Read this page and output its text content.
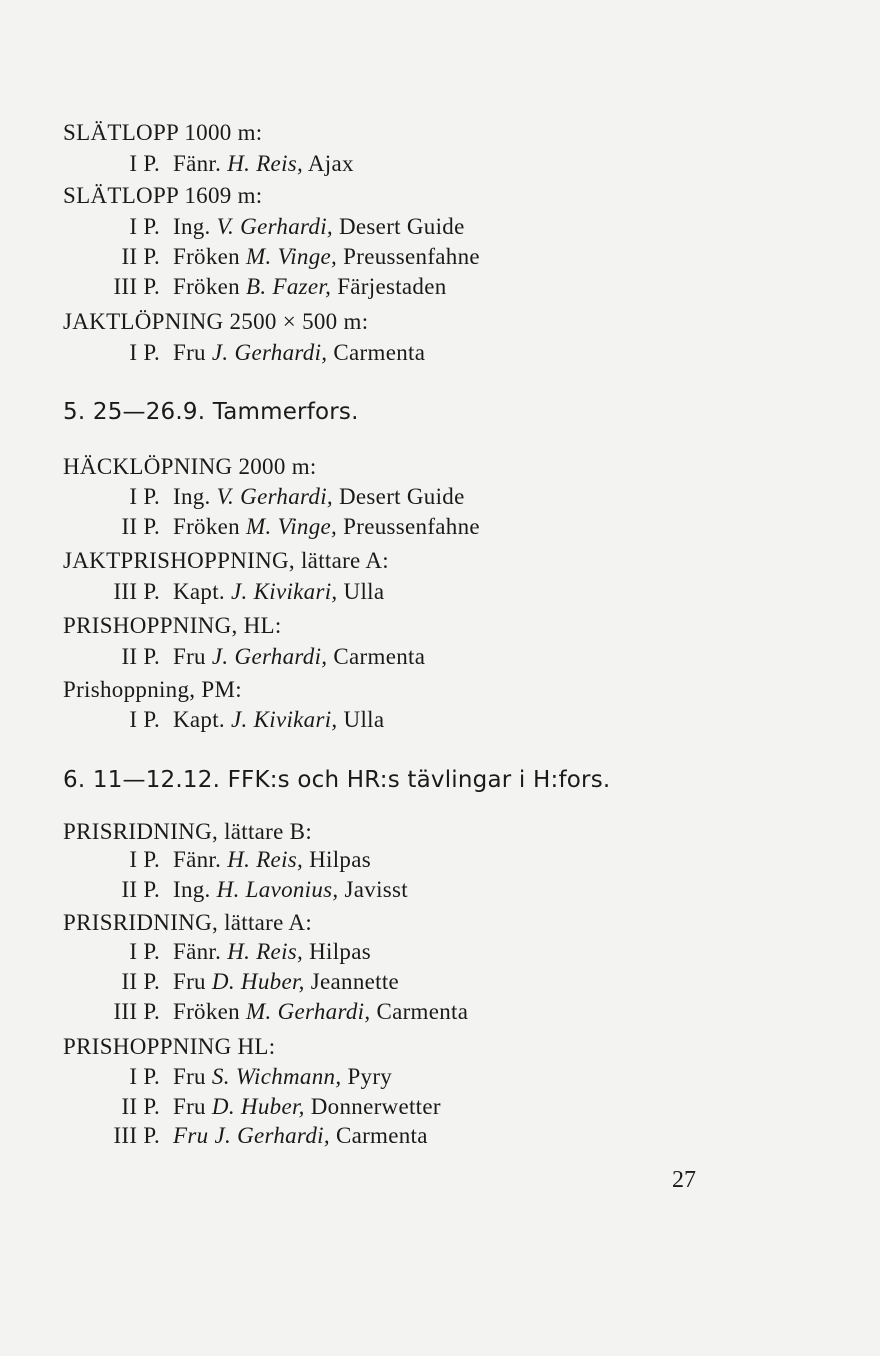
SLÄTLOPP 1000 m:
I P. Fänr. H. Reis, Ajax
SLÄTLOPP 1609 m:
I P. Ing. V. Gerhardi, Desert Guide
II P. Fröken M. Vinge, Preussenfahne
III P. Fröken B. Fazer, Färjestaden
JAKTLÖPNING 2500 × 500 m:
I P. Fru J. Gerhardi, Carmenta
5. 25—26.9. Tammerfors.
HÄCKLÖPNING 2000 m:
I P. Ing. V. Gerhardi, Desert Guide
II P. Fröken M. Vinge, Preussenfahne
JAKTPRISHOPPNING, lättare A:
III P. Kapt. J. Kivikari, Ulla
PRISHOPPNING, HL:
II P. Fru J. Gerhardi, Carmenta
Prishoppning, PM:
I P. Kapt. J. Kivikari, Ulla
6. 11—12.12. FFK:s och HR:s tävlingar i H:fors.
PRISRIDNING, lättare B:
I P. Fänr. H. Reis, Hilpas
II P. Ing. H. Lavonius, Javisst
PRISRIDNING, lättare A:
I P. Fänr. H. Reis, Hilpas
II P. Fru D. Huber, Jeannette
III P. Fröken M. Gerhardi, Carmenta
PRISHOPPNING HL:
I P. Fru S. Wichmann, Pyry
II P. Fru D. Huber, Donnerwetter
III P. Fru J. Gerhardi, Carmenta
27
